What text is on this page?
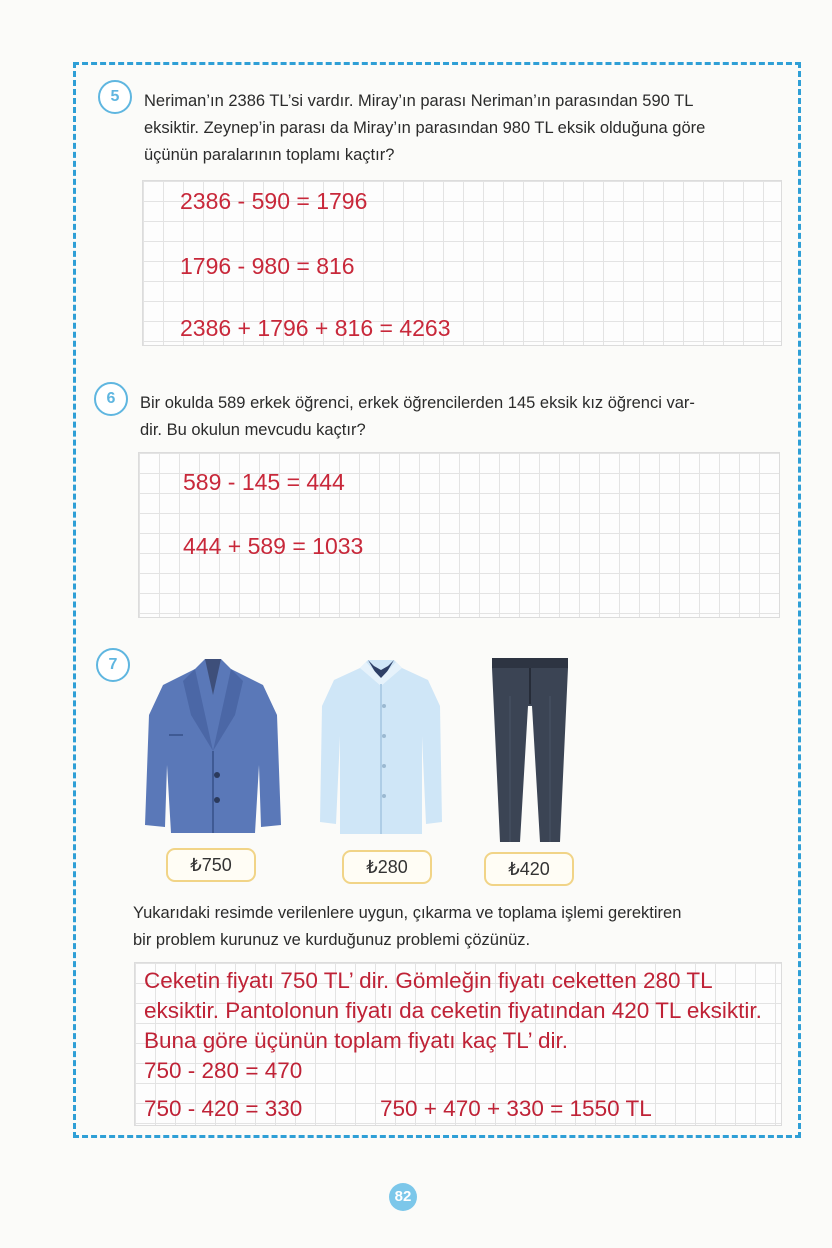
5	Neriman’ın 2386 TL’si vardır. Miray’ın parası Neriman’ın parasından 590 TL
eksiktir. Zeynep’in parası da Miray’ın parasından 980 TL eksik olduğuna göre
üçünün paralarının toplamı kaçtır?
2386 - 590 = 1796
1796 - 980 = 816
2386 + 1796 + 816 = 4263
6	Bir okulda 589 erkek öğrenci, erkek öğrencilerden 145 eksik kız öğrenci var-
dir. Bu okulun mevcudu kaçtır?
589 - 145 = 444
444 + 589 = 1033
7
₺750	₺280	₺420
Yukarıdaki resimde verilenlere uygun, çıkarma ve toplama işlemi gerektiren
bir problem kurunuz ve kurduğunuz problemi çözünüz.
Ceketin fiyatı 750 TL’ dir. Gömleğin fiyatı ceketten 280 TL
eksiktir. Pantolonun fiyatı da ceketin fiyatından 420 TL eksiktir.
Buna göre üçünün toplam fiyatı kaç TL’ dir.
750 - 280 = 470
750 - 420 = 330	750 + 470 + 330 = 1550 TL
82
